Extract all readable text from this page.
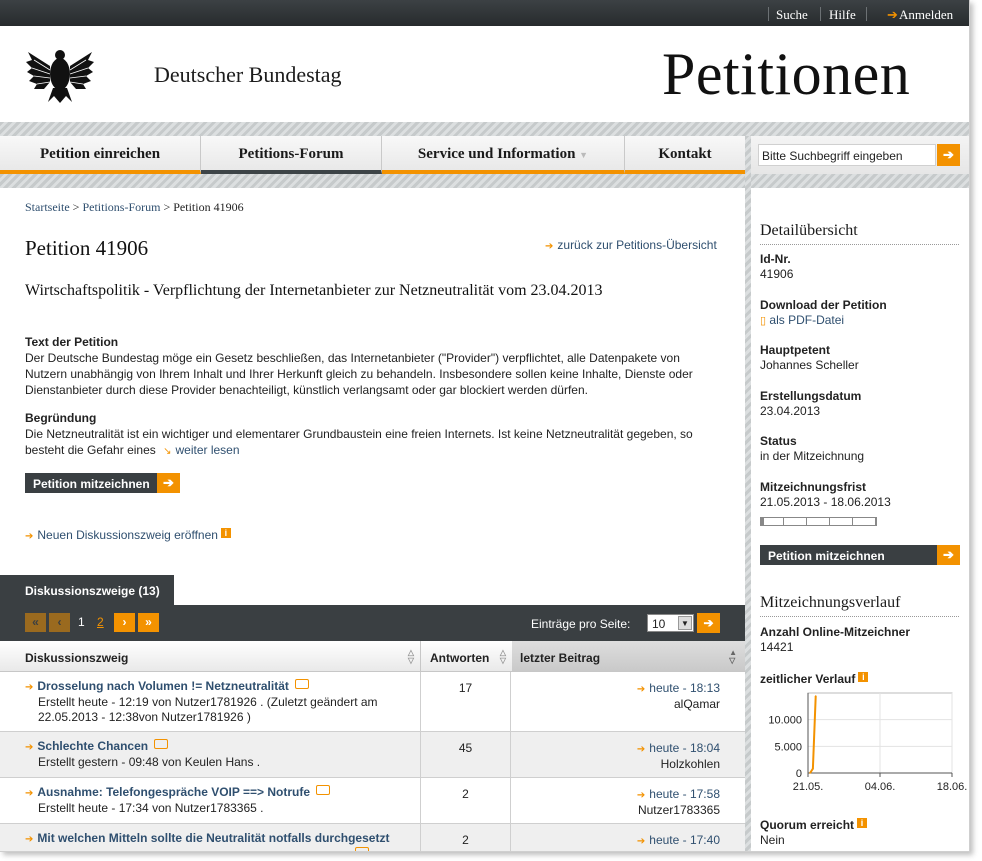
Suche Hilfe ➔ Anmelden
Deutscher Bundestag	Petitionen
Petition einreichen	Petitions-Forum	Service und Information ▼	Kontakt	Bitte Suchbegriff eingeben	➔
Startseite > Petitions-Forum > Petition 41906
Petition 41906	➔ zurück zur Petitions-Übersicht
Wirtschaftspolitik - Verpflichtung der Internetanbieter zur Netzneutralität vom 23.04.2013
Text der Petition
Der Deutsche Bundestag möge ein Gesetz beschließen, das Internetanbieter ("Provider") verpflichtet, alle Datenpakete von Nutzern unabhängig von Ihrem Inhalt und Ihrer Herkunft gleich zu behandeln. Insbesondere sollen keine Inhalte, Dienste oder Dienstanbieter durch diese Provider benachteiligt, künstlich verlangsamt oder gar blockiert werden dürfen.
Begründung
Die Netzneutralität ist ein wichtiger und elementarer Grundbaustein eine freien Internets. Ist keine Netzneutralität gegeben, so besteht die Gefahr eines ↘ weiter lesen
Petition mitzeichnen	➔
➔ Neuen Diskussionszweig eröffnen i
Diskussionszweige (13)
«	‹	1 2	›	»	Einträge pro Seite:	10	▼	➔
Diskussionszweig	△
▽	Antworten △
▽	letzter Beitrag	▲
▽
➔ Drosselung nach Volumen != Netzneutralität
Erstellt heute - 12:19 von Nutzer1781926 . (Zuletzt geändert am 22.05.2013 - 12:38von Nutzer1781926 )
17	➔ heute - 18:13
alQamar
➔ Schlechte Chancen
Erstellt gestern - 09:48 von Keulen Hans .
45	➔ heute - 18:04
Holzkohlen
➔ Ausnahme: Telefongespräche VOIP ==> Notrufe
Erstellt heute - 17:34 von Nutzer1783365 .
2	➔ heute - 17:58
Nutzer1783365
➔ Mit welchen Mitteln sollte die Neutralität notfalls durchgesetzt	2	➔ heute - 17:40
Detailübersicht
Id-Nr.
41906
Download der Petition
▯ als PDF-Datei
Hauptpetent
Johannes Scheller
Erstellungsdatum
23.04.2013
Status
in der Mitzeichnung
Mitzeichnungsfrist
21.05.2013 - 18.06.2013
Petition mitzeichnen	➔
Mitzeichnungsverlauf
Anzahl Online-Mitzeichner
14421
zeitlicher Verlauf i
0
5.000
10.000
21.05.	04.06.	18.06.
Quorum erreicht i
Nein
